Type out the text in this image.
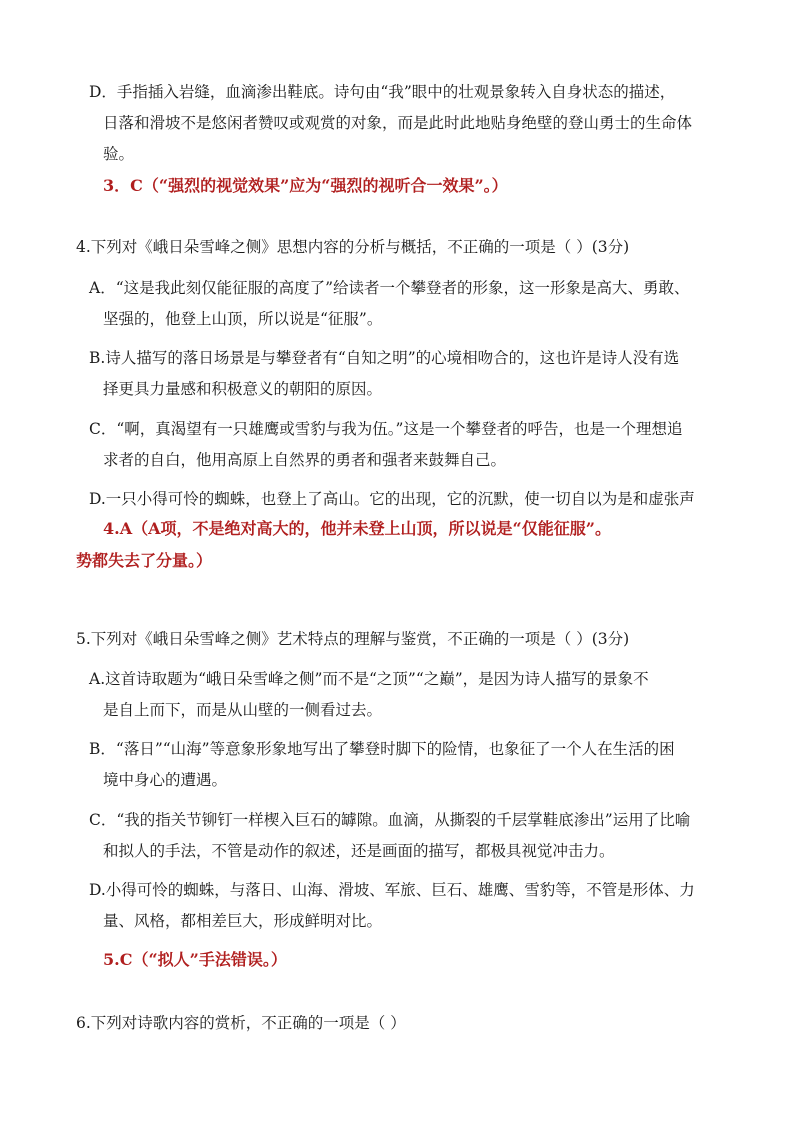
D．手指插入岩缝，血滴渗出鞋底。诗句由“我”眼中的壮观景象转入自身状态的描述，
日落和滑坡不是悠闲者赞叹或观赏的对象，而是此时此地贴身绝壁的登山勇士的生命体
验。
3．C（“强烈的视觉效果”应为“强烈的视听合一效果”。）
4.下列对《峨日朵雪峰之侧》思想内容的分析与概括，不正确的一项是（ ）(3分)
A．“这是我此刻仅能征服的高度了”给读者一个攀登者的形象，这一形象是高大、勇敢、
坚强的，他登上山顶，所以说是“征服”。
B.诗人描写的落日场景是与攀登者有“自知之明”的心境相吻合的，这也许是诗人没有选
择更具力量感和积极意义的朝阳的原因。
C．“啊，真渴望有一只雄鹰或雪豹与我为伍。”这是一个攀登者的呼告，也是一个理想追
求者的自白，他用高原上自然界的勇者和强者来鼓舞自己。
D.一只小得可怜的蜘蛛，也登上了高山。它的出现，它的沉默，使一切自以为是和虚张声
4.A（A项，不是绝对高大的，他并未登上山顶，所以说是“仅能征服”。
势都失去了分量。）
5.下列对《峨日朵雪峰之侧》艺术特点的理解与鉴赏，不正确的一项是（ ）(3分)
A.这首诗取题为“峨日朵雪峰之侧”而不是“之顶”“之巅”，是因为诗人描写的景象不
是自上而下，而是从山壁的一侧看过去。
B．“落日”“山海”等意象形象地写出了攀登时脚下的险情，也象征了一个人在生活的困
境中身心的遭遇。
C．“我的指关节铆钉一样楔入巨石的罅隙。血滴，从撕裂的千层掌鞋底渗出”运用了比喻
和拟人的手法，不管是动作的叙述，还是画面的描写，都极具视觉冲击力。
D.小得可怜的蜘蛛，与落日、山海、滑坡、军旅、巨石、雄鹰、雪豹等，不管是形体、力
量、风格，都相差巨大，形成鲜明对比。
5.C（“拟人”手法错误。）
6.下列对诗歌内容的赏析，不正确的一项是（ ）
